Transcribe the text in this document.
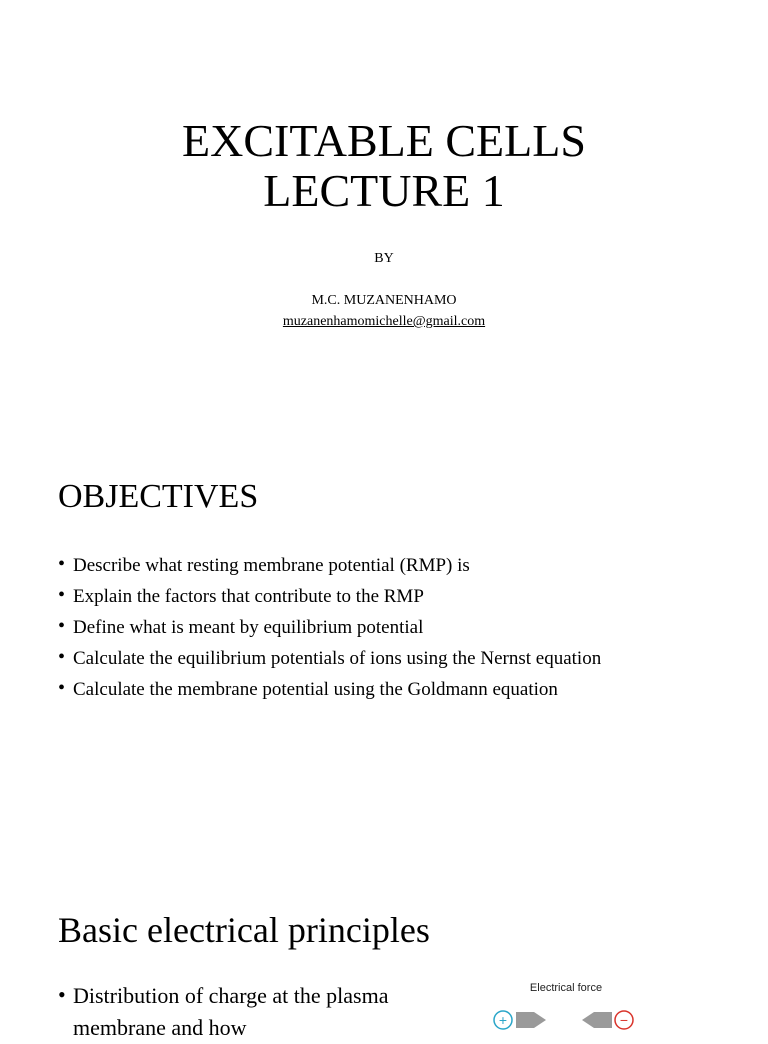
EXCITABLE CELLS
LECTURE 1
BY
M.C. MUZANENHAMO
muzanenhamomichelle@gmail.com
OBJECTIVES
• Describe what resting membrane potential (RMP) is
• Explain the factors that contribute to the RMP
• Define what is meant by equilibrium potential
• Calculate the equilibrium potentials of ions using the Nernst equation
• Calculate the membrane potential using the Goldmann equation
Basic electrical principles
• Distribution of charge at the plasma membrane and how
Electrical force
+	−
